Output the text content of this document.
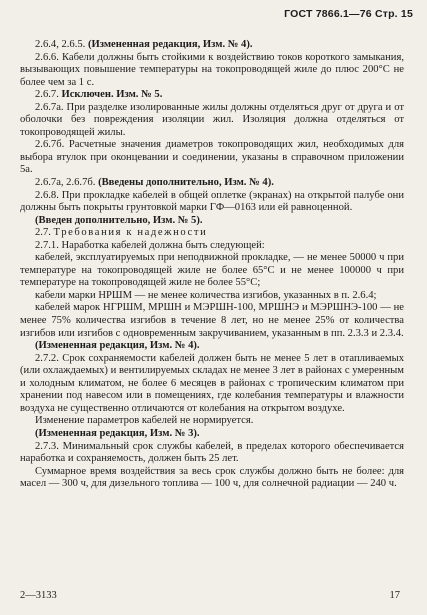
ГОСТ 7866.1—76 Стр. 15

2.6.4, 2.6.5. (Измененная редакция, Изм. № 4).

2.6.6. Кабели должны быть стойкими к воздействию токов короткого замыкания, вызывающих повышение температуры на токопроводящей жиле до плюс 200°С не более чем за 1 с.

2.6.7. Исключен. Изм. № 5.

2.6.7а. При разделке изолированные жилы должны отделяться друг от друга и от оболочки без повреждения изоляции жил. Изоляция должна отделяться от токопроводящей жилы.

2.6.7б. Расчетные значения диаметров токопроводящих жил, необходимых для выбора втулок при оконцевании и соединении, указаны в справочном приложении 5а.

2.6.7а, 2.6.7б. (Введены дополнительно, Изм. № 4).

2.6.8. При прокладке кабелей в общей оплетке (экранах) на открытой палубе они должны быть покрыты грунтовкой марки ГФ—0163 или ей равноценной.

(Введен дополнительно, Изм. № 5).

2.7. Требования к надежности

2.7.1. Наработка кабелей должна быть следующей:

кабелей, эксплуатируемых при неподвижной прокладке, — не менее 50000 ч при температуре на токопроводящей жиле не более 65°С и не менее 100000 ч при температуре на токопроводящей жиле не более 55°С;

кабели марки НРШМ — не менее количества изгибов, указанных в п. 2.6.4;

кабелей марок НГРШМ, МРШН и МЭРШН-100, МРШНЭ и МЭРШНЭ-100 — не менее 75% количества изгибов в течение 8 лет, но не менее 25% от количества изгибов или изгибов с одновременным закручиванием, указанным в пп. 2.3.3 и 2.3.4.

(Измененная редакция, Изм. № 4).

2.7.2. Срок сохраняемости кабелей должен быть не менее 5 лет в отапливаемых (или охлаждаемых) и вентилируемых складах не менее 3 лет в районах с умеренным и холодным климатом, не более 6 месяцев в районах с тропическим климатом при хранении под навесом или в помещениях, где колебания температуры и влажности воздуха не существенно отличаются от колебания на открытом воздухе.

Изменение параметров кабелей не нормируется.

(Измененная редакция, Изм. № 3).

2.7.3. Минимальный срок службы кабелей, в пределах которого обеспечивается наработка и сохраняемость, должен быть 25 лет.

Суммарное время воздействия за весь срок службы должно быть не более: для масел — 300 ч, для дизельного топлива — 100 ч, для солнечной радиации — 240 ч.

2—3133	17
